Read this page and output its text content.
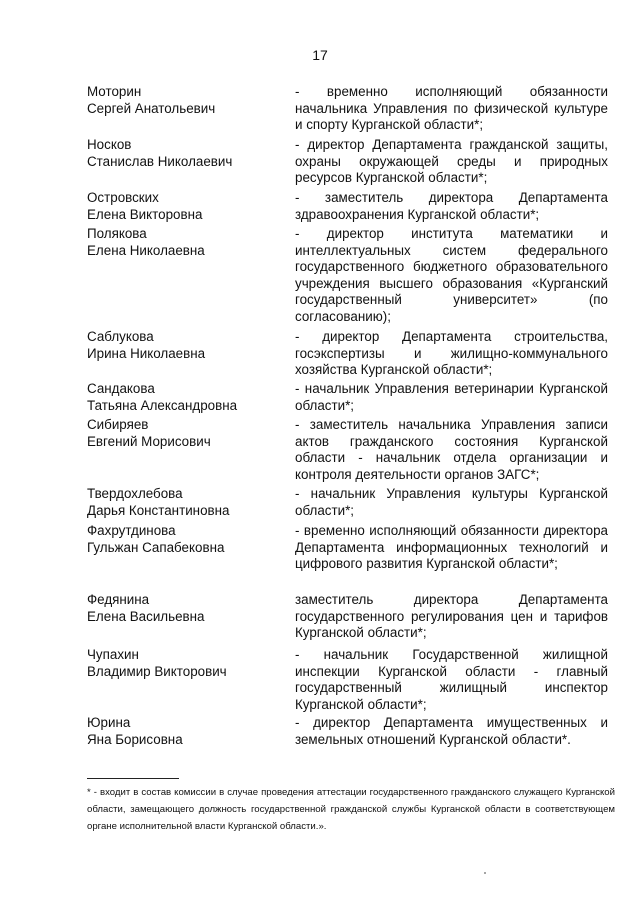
17
Моторин
Сергей Анатольевич
- временно исполняющий обязанности начальника Управления по физической культуре и спорту Курганской области*;
Носков
Станислав Николаевич
- директор Департамента гражданской защиты, охраны окружающей среды и природных ресурсов Курганской области*;
Островских
Елена Викторовна
- заместитель директора Департамента здравоохранения Курганской области*;
Полякова
Елена Николаевна
- директор института математики и интеллектуальных систем федерального государственного бюджетного образовательного учреждения высшего образования «Курганский государственный университет» (по согласованию);
Саблукова
Ирина Николаевна
- директор Департамента строительства, госэкспертизы и жилищно-коммунального хозяйства Курганской области*;
Сандакова
Татьяна Александровна
- начальник Управления ветеринарии Курганской области*;
Сибиряев
Евгений Морисович
- заместитель начальника Управления записи актов гражданского состояния Курганской области - начальник отдела организации и контроля деятельности органов ЗАГС*;
Твердохлебова
Дарья Константиновна
- начальник Управления культуры Курганской области*;
Фахрутдинова
Гульжан Сапабековна
- временно исполняющий обязанности директора Департамента информационных технологий и цифрового развития Курганской области*;
Федянина
Елена Васильевна
заместитель директора Департамента государственного регулирования цен и тарифов Курганской области*;
Чупахин
Владимир Викторович
- начальник Государственной жилищной инспекции Курганской области - главный государственный жилищный инспектор Курганской области*;
Юрина
Яна Борисовна
- директор Департамента имущественных и земельных отношений Курганской области*.
* - входит в состав комиссии в случае проведения аттестации государственного гражданского служащего Курганской области, замещающего должность государственной гражданской службы Курганской области в соответствующем органе исполнительной власти Курганской области.».
